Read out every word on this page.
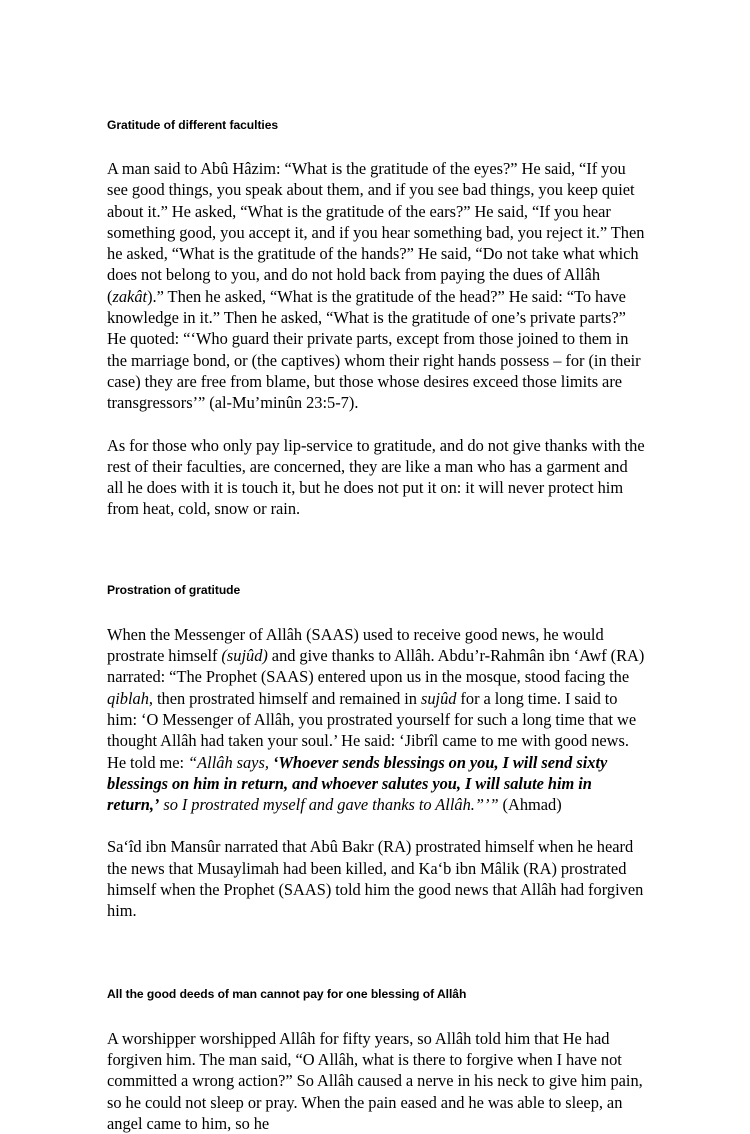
Gratitude of different faculties

A man said to Abû Hâzim: “What is the gratitude of the eyes?” He said, “If you see good things, you speak about them, and if you see bad things, you keep quiet about it.” He asked, “What is the gratitude of the ears?” He said, “If you hear something good, you accept it, and if you hear something bad, you reject it.” Then he asked, “What is the gratitude of the hands?” He said, “Do not take what which does not belong to you, and do not hold back from paying the dues of Allâh (zakât).” Then he asked, “What is the gratitude of the head?” He said: “To have knowledge in it.” Then he asked, “What is the gratitude of one’s private parts?” He quoted: “‘Who guard their private parts, except from those joined to them in the marriage bond, or (the captives) whom their right hands possess – for (in their case) they are free from blame, but those whose desires exceed those limits are transgressors’” (al-Mu’minûn 23:5-7).

As for those who only pay lip-service to gratitude, and do not give thanks with the rest of their faculties, are concerned, they are like a man who has a garment and all he does with it is touch it, but he does not put it on: it will never protect him from heat, cold, snow or rain.

Prostration of gratitude

When the Messenger of Allâh (SAAS) used to receive good news, he would prostrate himself (sujûd) and give thanks to Allâh. Abdu’r-Rahmân ibn ‘Awf (RA) narrated: “The Prophet (SAAS) entered upon us in the mosque, stood facing the qiblah, then prostrated himself and remained in sujûd for a long time. I said to him: ‘O Messenger of Allâh, you prostrated yourself for such a long time that we thought Allâh had taken your soul.’ He said: ‘Jibrîl came to me with good news. He told me: “Allâh says, ‘Whoever sends blessings on you, I will send sixty blessings on him in return, and whoever salutes you, I will salute him in return,’ so I prostrated myself and gave thanks to Allâh.”’” (Ahmad)

Sa‘îd ibn Mansûr narrated that Abû Bakr (RA) prostrated himself when he heard the news that Musaylimah had been killed, and Ka‘b ibn Mâlik (RA) prostrated himself when the Prophet (SAAS) told him the good news that Allâh had forgiven him.

All the good deeds of man cannot pay for one blessing of Allâh

A worshipper worshipped Allâh for fifty years, so Allâh told him that He had forgiven him. The man said, “O Allâh, what is there to forgive when I have not committed a wrong action?” So Allâh caused a nerve in his neck to give him pain, so he could not sleep or pray. When the pain eased and he was able to sleep, an angel came to him, so he
